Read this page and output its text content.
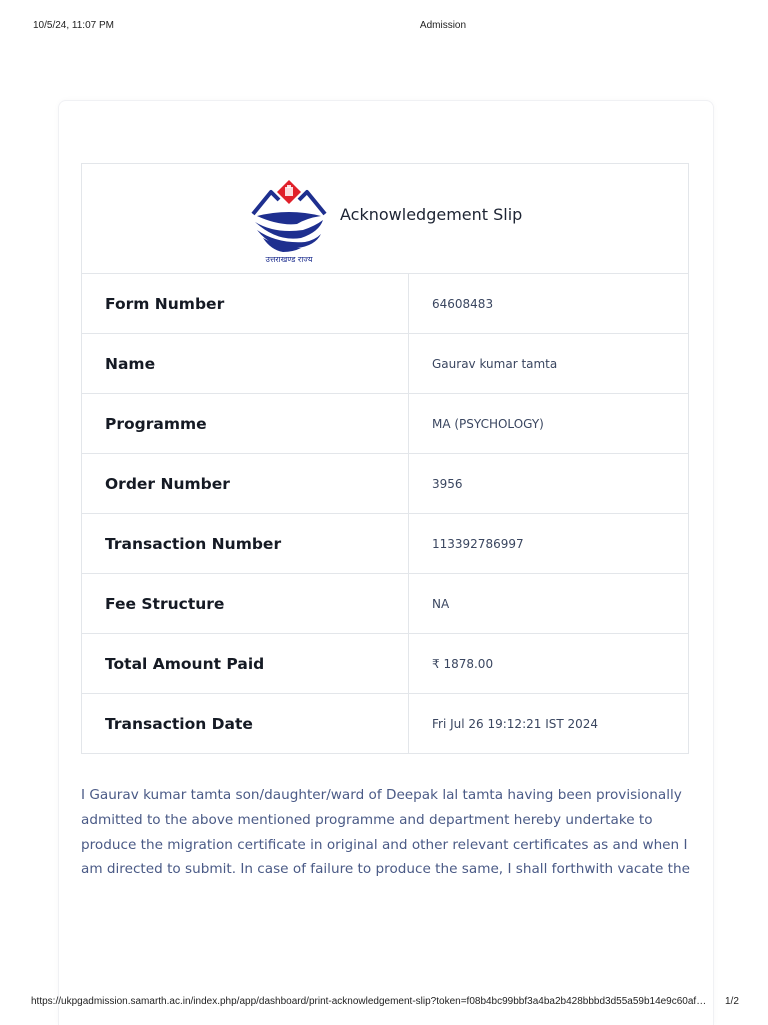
10/5/24, 11:07 PM	Admission
उत्तराखण्ड राज्य
Acknowledgement Slip	

Form Number	64608483
Name	Gaurav kumar tamta
Programme	MA (PSYCHOLOGY)
Order Number	3956
Transaction Number	113392786997
Fee Structure	NA
Total Amount Paid	₹ 1878.00
Transaction Date	Fri Jul 26 19:12:21 IST 2024

I Gaurav kumar tamta son/daughter/ward of Deepak lal tamta having been provisionally admitted to the above mentioned programme and department hereby undertake to produce the migration certificate in original and other relevant certificates as and when I am directed to submit. In case of failure to produce the same, I shall forthwith vacate the

https://ukpgadmission.samarth.ac.in/index.php/app/dashboard/print-acknowledgement-slip?token=f08b4bc99bbf3a4ba2b428bbbd3d55a59b14e9c60af…	1/2
